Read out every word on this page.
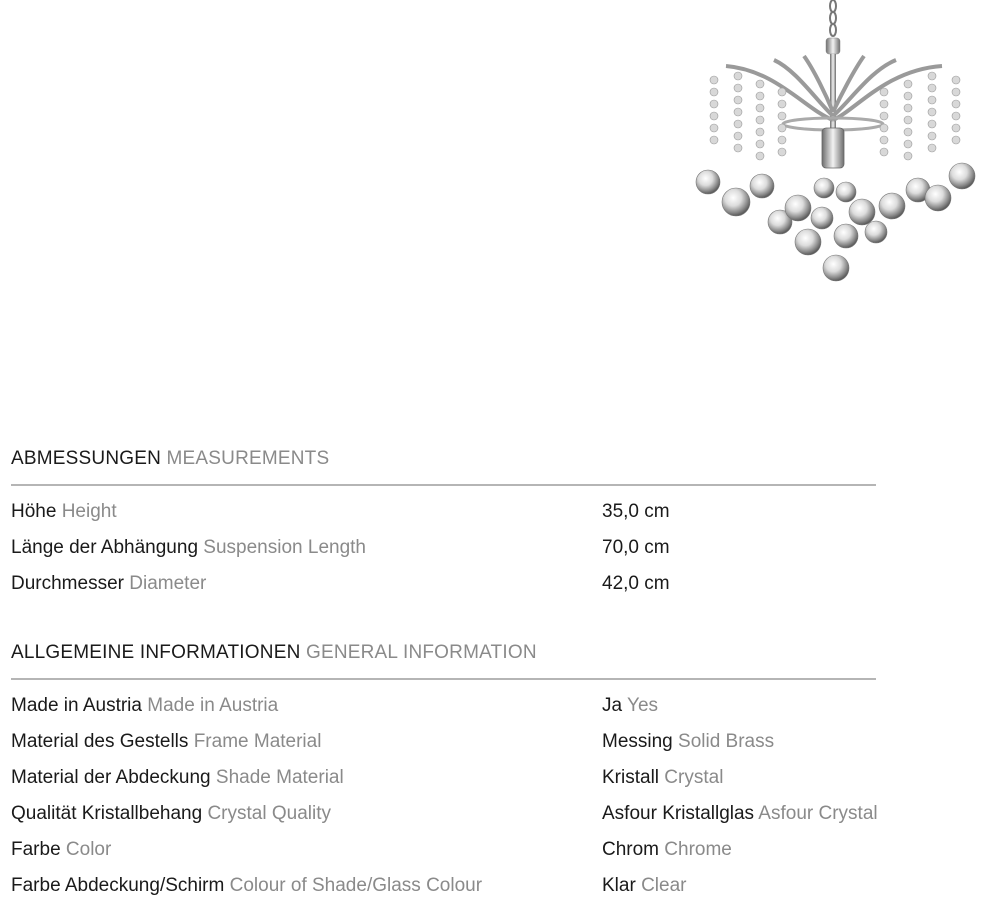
ABMESSUNGEN MEASUREMENTS
Höhe Height	35,0 cm
Länge der Abhängung Suspension Length	70,0 cm
Durchmesser Diameter	42,0 cm
ALLGEMEINE INFORMATIONEN GENERAL INFORMATION
Made in Austria Made in Austria	Ja Yes
Material des Gestells Frame Material	Messing Solid Brass
Material der Abdeckung Shade Material	Kristall Crystal
Qualität Kristallbehang Crystal Quality	Asfour Kristallglas Asfour Crystal
Farbe Color	Chrom Chrome
Farbe Abdeckung/Schirm Colour of Shade/Glass Colour	Klar Clear
